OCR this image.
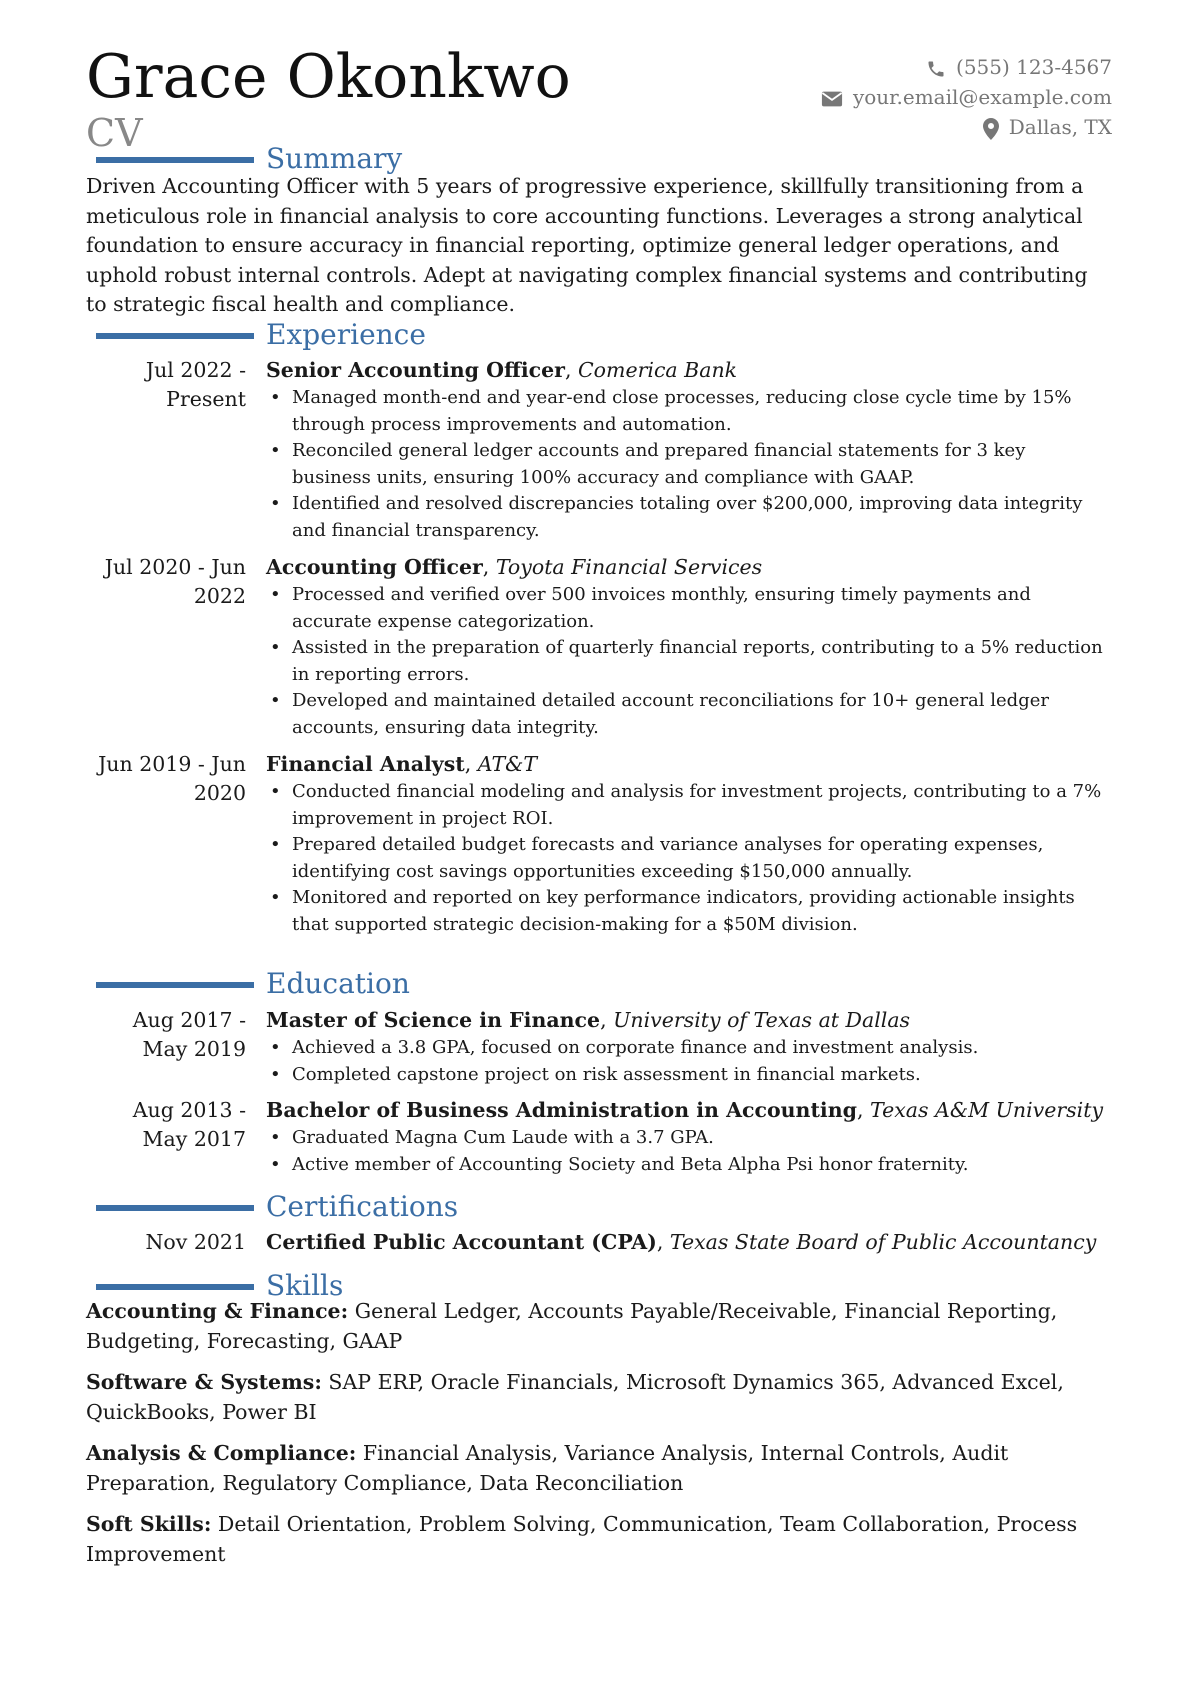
Grace Okonkwo
CV
(555) 123-4567
your.email@example.com
Dallas, TX
Summary
Driven Accounting Officer with 5 years of progressive experience, skillfully transitioning from a meticulous role in financial analysis to core accounting functions. Leverages a strong analytical foundation to ensure accuracy in financial reporting, optimize general ledger operations, and uphold robust internal controls. Adept at navigating complex financial systems and contributing to strategic fiscal health and compliance.
Experience
Jul 2022 - Present
Senior Accounting Officer, Comerica Bank
• Managed month-end and year-end close processes, reducing close cycle time by 15% through process improvements and automation.
• Reconciled general ledger accounts and prepared financial statements for 3 key business units, ensuring 100% accuracy and compliance with GAAP.
• Identified and resolved discrepancies totaling over $200,000, improving data integrity and financial transparency.
Jul 2020 - Jun 2022
Accounting Officer, Toyota Financial Services
• Processed and verified over 500 invoices monthly, ensuring timely payments and accurate expense categorization.
• Assisted in the preparation of quarterly financial reports, contributing to a 5% reduction in reporting errors.
• Developed and maintained detailed account reconciliations for 10+ general ledger accounts, ensuring data integrity.
Jun 2019 - Jun 2020
Financial Analyst, AT&T
• Conducted financial modeling and analysis for investment projects, contributing to a 7% improvement in project ROI.
• Prepared detailed budget forecasts and variance analyses for operating expenses, identifying cost savings opportunities exceeding $150,000 annually.
• Monitored and reported on key performance indicators, providing actionable insights that supported strategic decision-making for a $50M division.
Education
Aug 2017 - May 2019
Master of Science in Finance, University of Texas at Dallas
• Achieved a 3.8 GPA, focused on corporate finance and investment analysis.
• Completed capstone project on risk assessment in financial markets.
Aug 2013 - May 2017
Bachelor of Business Administration in Accounting, Texas A&M University
• Graduated Magna Cum Laude with a 3.7 GPA.
• Active member of Accounting Society and Beta Alpha Psi honor fraternity.
Certifications
Nov 2021 Certified Public Accountant (CPA), Texas State Board of Public Accountancy
Skills
Accounting & Finance: General Ledger, Accounts Payable/Receivable, Financial Reporting, Budgeting, Forecasting, GAAP
Software & Systems: SAP ERP, Oracle Financials, Microsoft Dynamics 365, Advanced Excel, QuickBooks, Power BI
Analysis & Compliance: Financial Analysis, Variance Analysis, Internal Controls, Audit Preparation, Regulatory Compliance, Data Reconciliation
Soft Skills: Detail Orientation, Problem Solving, Communication, Team Collaboration, Process Improvement
